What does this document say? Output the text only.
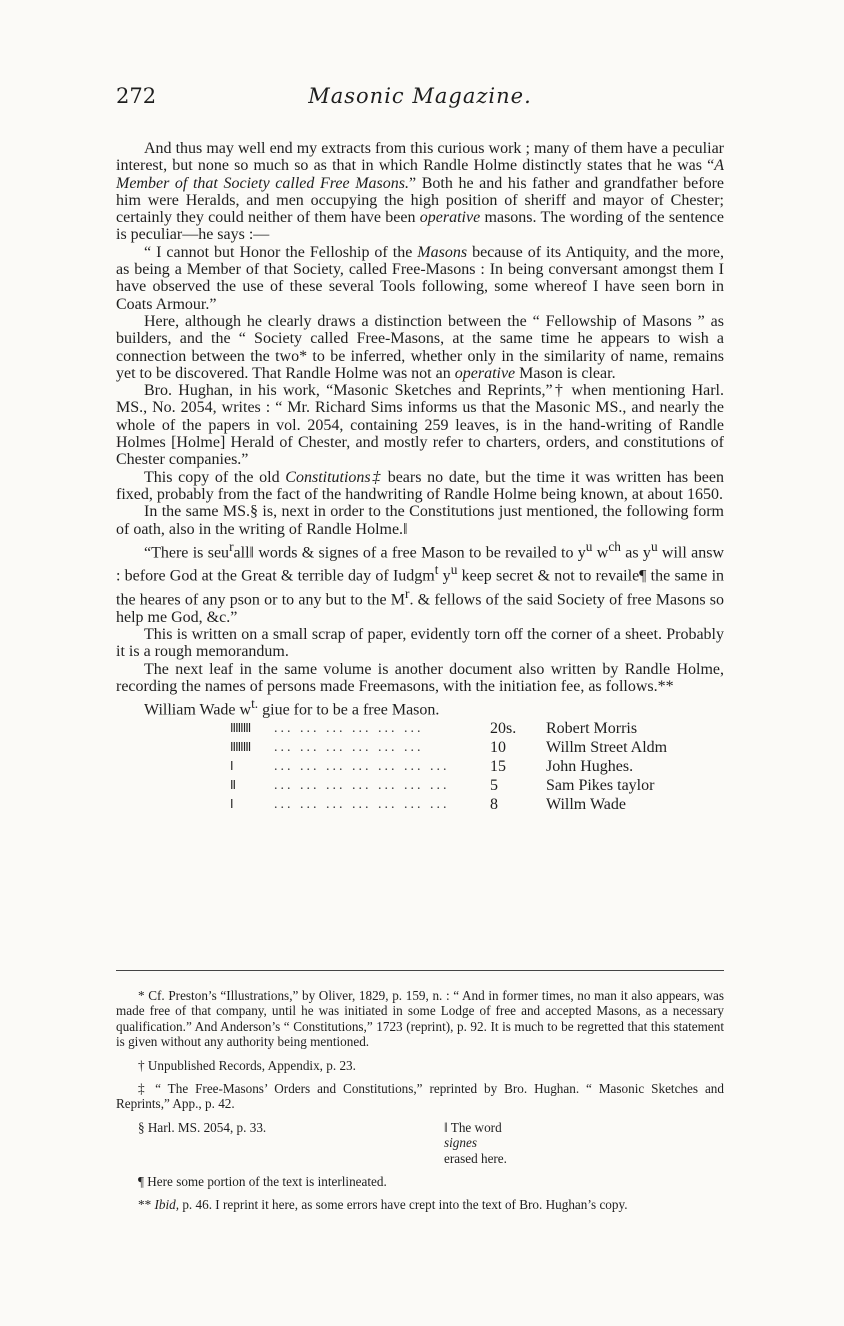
272	Masonic Magazine.

And thus may well end my extracts from this curious work ; many of them have a peculiar interest, but none so much so as that in which Randle Holme distinctly states that he was “A Member of that Society called Free Masons.” Both he and his father and grandfather before him were Heralds, and men occupying the high position of sheriff and mayor of Chester; certainly they could neither of them have been operative masons. The wording of the sentence is peculiar—he says :—

“ I cannot but Honor the Felloship of the Masons because of its Antiquity, and the more, as being a Member of that Society, called Free-Masons : In being conversant amongst them I have observed the use of these several Tools following, some whereof I have seen born in Coats Armour.”

Here, although he clearly draws a distinction between the “ Fellowship of Masons ” as builders, and the “ Society called Free-Masons, at the same time he appears to wish a connection between the two* to be inferred, whether only in the similarity of name, remains yet to be discovered. That Randle Holme was not an operative Mason is clear.

Bro. Hughan, in his work, “Masonic Sketches and Reprints,”† when mentioning Harl. MS., No. 2054, writes : “ Mr. Richard Sims informs us that the Masonic MS., and nearly the whole of the papers in vol. 2054, containing 259 leaves, is in the hand-writing of Randle Holmes [Holme] Herald of Chester, and mostly refer to charters, orders, and constitutions of Chester companies.”

This copy of the old Constitutions‡ bears no date, but the time it was written has been fixed, probably from the fact of the handwriting of Randle Holme being known, at about 1650.

In the same MS.§ is, next in order to the Constitutions just mentioned, the following form of oath, also in the writing of Randle Holme.‖

“There is seu$^r$all‖ words & signes of a free Mason to be revailed to $y^u$ $w^{ch}$ as $y^u$ will answ : before God at the Great & terrible day of Iudgm$^t$ $y^u$ keep secret & not to revaile¶ the same in the heares of any pson or to any but to the $M^r$. & fellows of the said Society of free Masons so help me God, &c.”

This is written on a small scrap of paper, evidently torn off the corner of a sheet. Probably it is a rough memorandum.

The next leaf in the same volume is another document also written by Randle Holme, recording the names of persons made Freemasons, with the initiation fee, as follows.**

William Wade $w^{t.}$ giue for to be a free Mason.

IIIIIIII	... ... ... ... ... ...	20s.	Robert Morris
IIIIIIII	... ... ... ... ... ...	10	Willm Street Aldm
I	... ... ... ... ... ... ...	15	John Hughes.
II	... ... ... ... ... ... ...	5	Sam Pikes taylor
I	... ... ... ... ... ... ...	8	Willm Wade

* Cf. Preston’s “Illustrations,” by Oliver, 1829, p. 159, n. : “ And in former times, no man it also appears, was made free of that company, until he was initiated in some Lodge of free and accepted Masons, as a necessary qualification.” And Anderson’s “ Constitutions,” 1723 (reprint), p. 92. It is much to be regretted that this statement is given without any authority being mentioned.

† Unpublished Records, Appendix, p. 23.

‡ “ The Free-Masons’ Orders and Constitutions,” reprinted by Bro. Hughan. “ Masonic Sketches and Reprints,” App., p. 42.

§ Harl. MS. 2054, p. 33.	‖ The word
signes
erased here.

¶ Here some portion of the text is interlineated.

** Ibid, p. 46. I reprint it here, as some errors have crept into the text of Bro. Hughan’s copy.
